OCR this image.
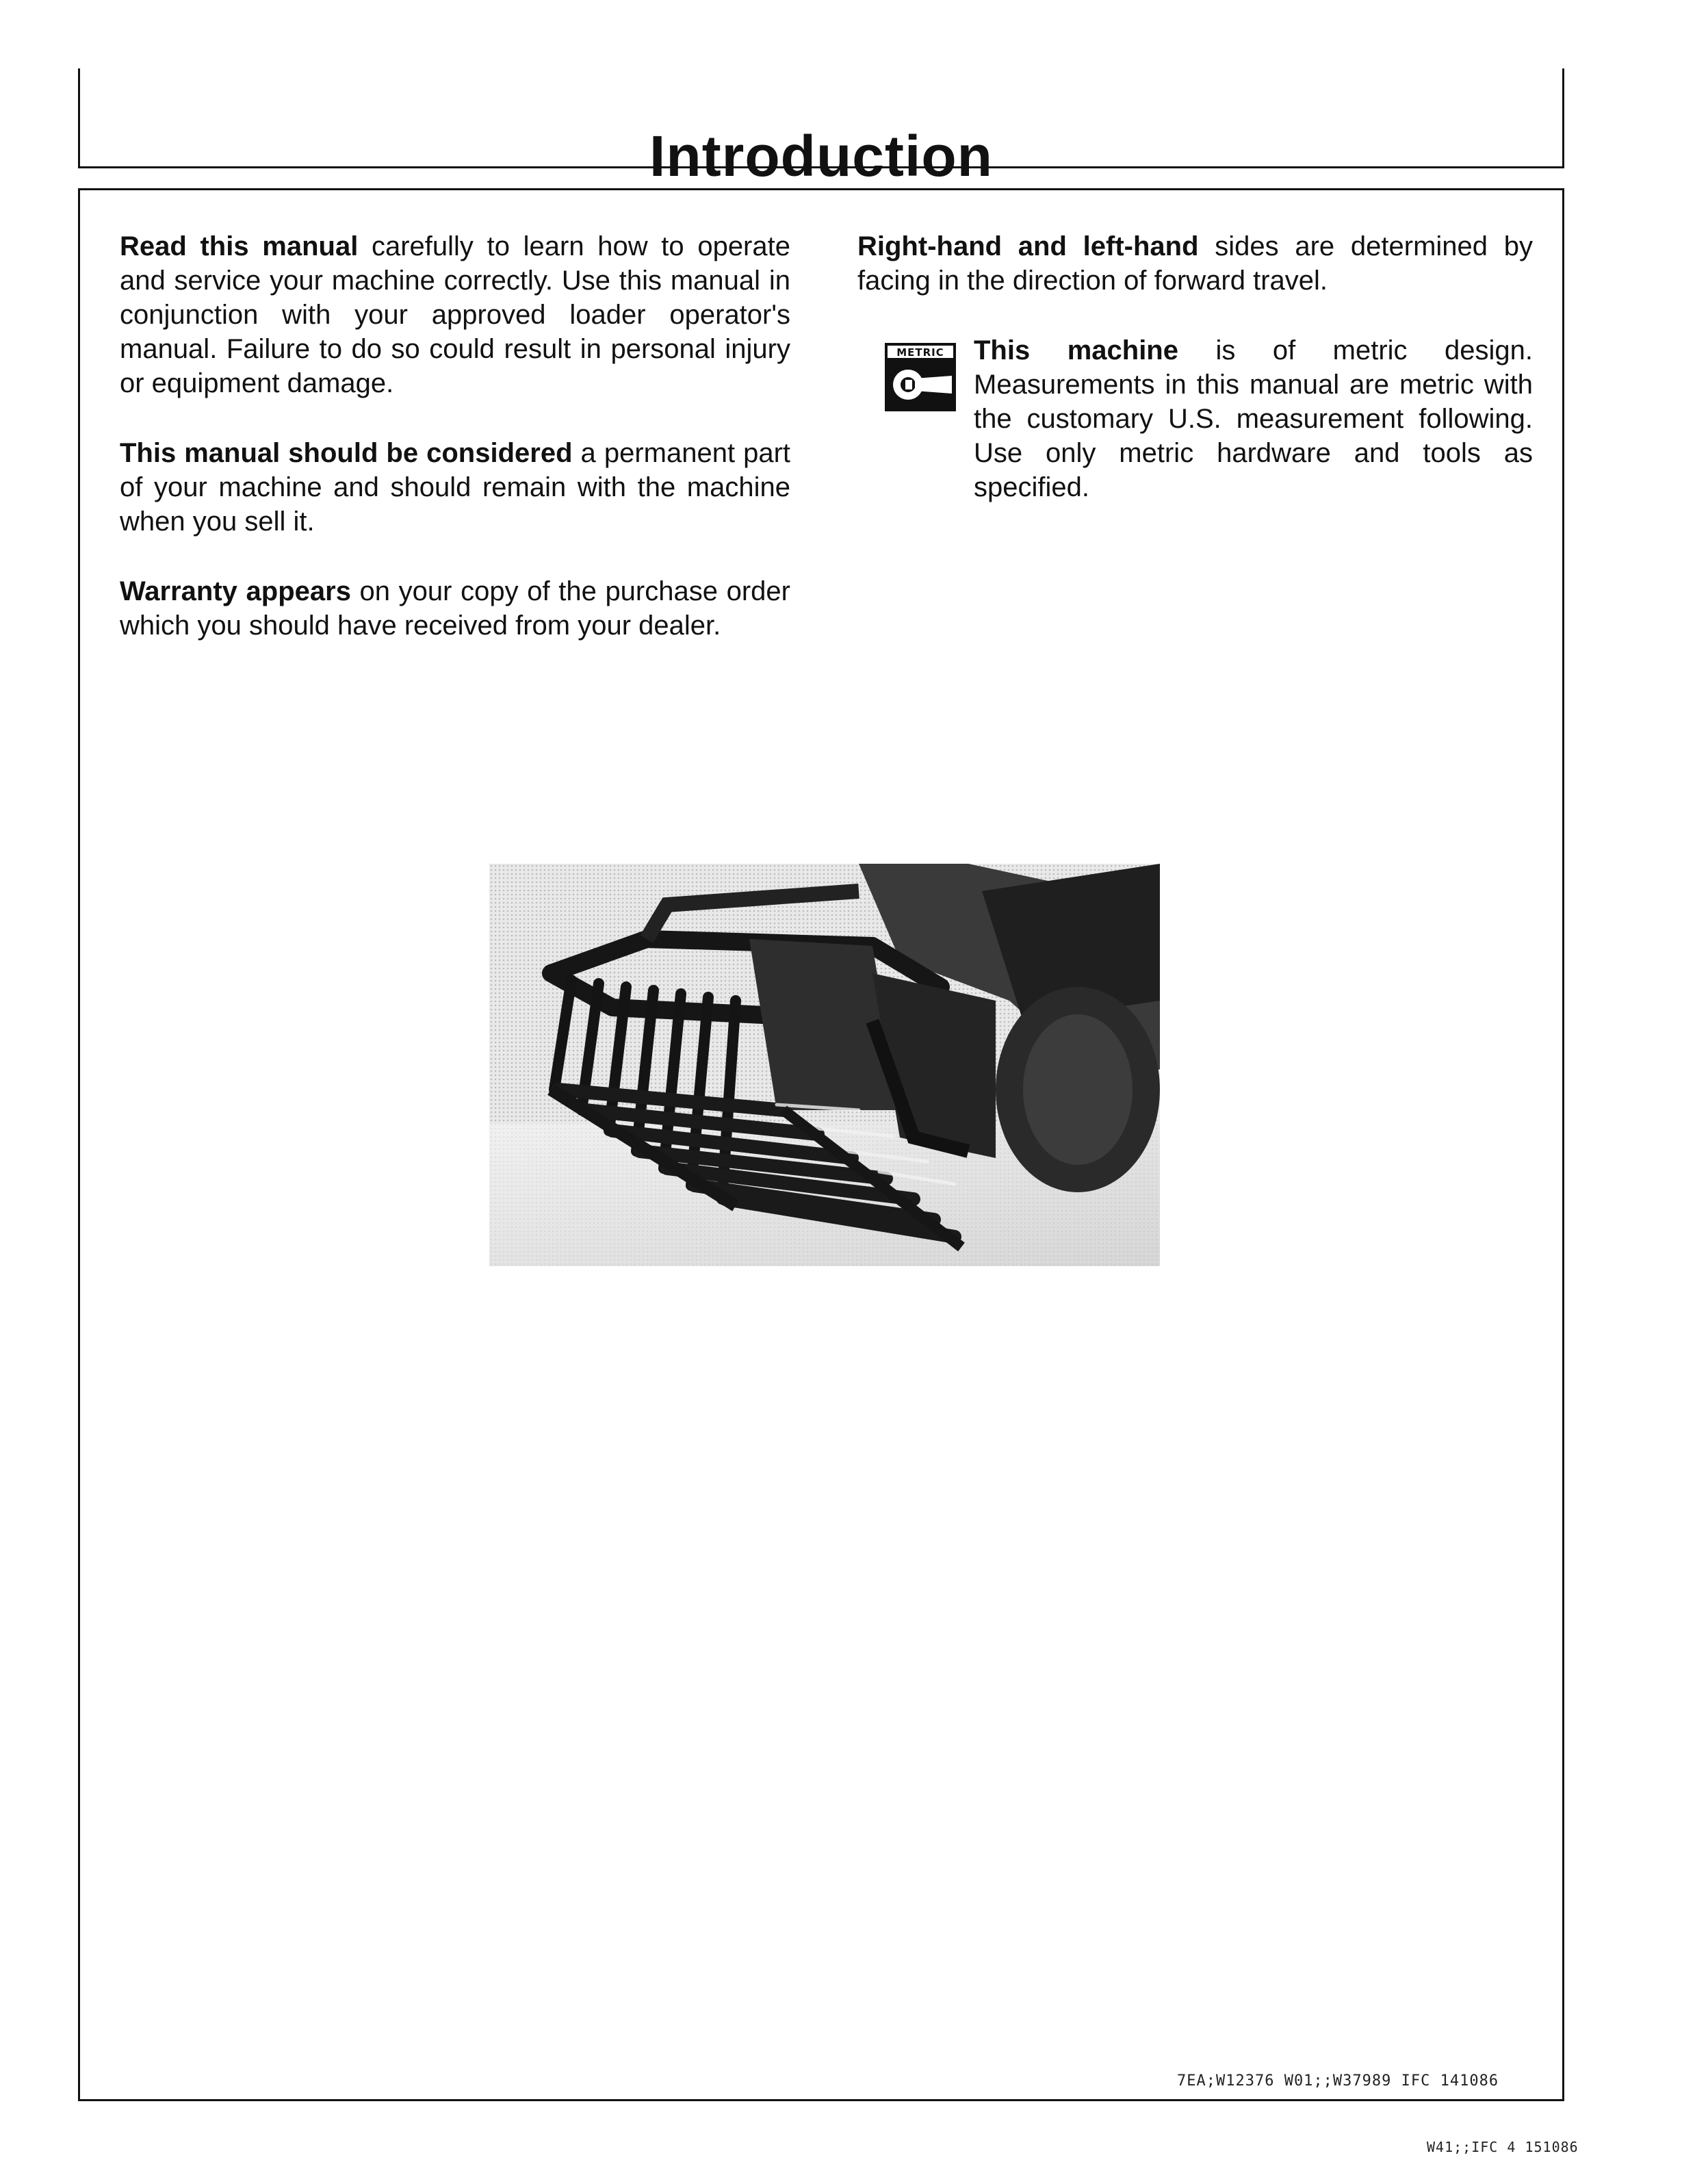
Introduction

Read this manual carefully to learn how to operate and service your machine correctly. Use this manual in conjunction with your approved loader operator's manual. Failure to do so could result in personal injury or equipment damage.

This manual should be considered a permanent part of your machine and should remain with the machine when you sell it.

Warranty appears on your copy of the purchase order which you should have received from your dealer.

Right-hand and left-hand sides are determined by facing in the direction of forward travel.

METRIC This machine is of metric design. Measurements in this manual are metric with the customary U.S. measurement following. Use only metric hardware and tools as specified.
7EA;W12376 W01;;W37989 IFC 141086
W41;;IFC 4 151086
